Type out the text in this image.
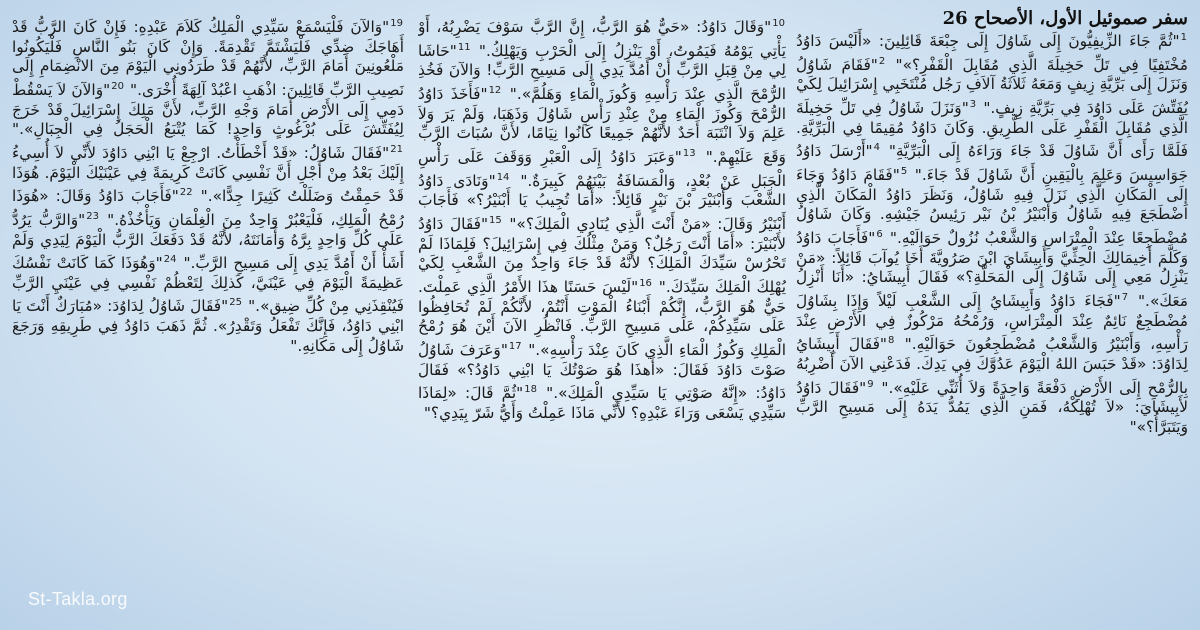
سفر صموئيل الأول، الأصحاح 26
$^1$"ثُمَّ جَاءَ الزِّيفِيُّونَ إِلَى شَاوُلَ إِلَى جِبْعَةَ قَائِلِينَ: «أَلَيْسَ دَاوُدُ مُخْتَفِيًا فِي تَلِّ حَخِيلَةَ الَّذِي مُقَابِلَ الْقَفْرِ؟»" $^2$"فَقَامَ شَاوُلُ وَنَزَلَ إِلَى بَرِّيَّةِ زِيفٍ وَمَعَهُ ثَلاَثَةُ آلاَفِ رَجُل مُنْتَخَبِي إِسْرَائِيلَ لِكَيْ يُفَتِّشَ عَلَى دَاوُدَ فِي بَرِّيَّةِ زِيفٍ." $^3$"وَنَزَلَ شَاوُلُ فِي تَلِّ حَخِيلَةَ الَّذِي مُقَابِلَ الْقَفْرِ عَلَى الطَّرِيقِ. وَكَانَ دَاوُدُ مُقِيمًا فِي الْبَرِّيَّةِ. فَلَمَّا رَأَى أَنَّ شَاوُلَ قَدْ جَاءَ وَرَاءَهُ إِلَى الْبَرِّيَّةِ" $^4$"أَرْسَلَ دَاوُدُ جَوَاسِيسَ وَعَلِمَ بِالْيَقِينِ أَنَّ شَاوُلَ قَدْ جَاءَ." $^5$"فَقَامَ دَاوُدُ وَجَاءَ إِلَى الْمَكَانِ الَّذِي نَزَلَ فِيهِ شَاوُلُ، وَنَظَرَ دَاوُدُ الْمَكَانَ الَّذِي اضْطَجَعَ فِيهِ شَاوُلُ وَأَبْنَيْرُ بْنُ نَيْر رَئِيسُ جَيْشِهِ. وَكَانَ شَاوُلُ مُضْطَجِعًا عِنْدَ الْمِتْرَاسِ وَالشَّعْبُ نُزُولٌ حَوَالَيْهِ." $^6$"فَأَجَابَ دَاوُدُ وَكَلَّمَ أَخِيمَالِكَ الْحِثِّيَّ وَأَبِيشَايَ ابْنَ صَرُويَّةَ أَخَا يُوآبَ قَائِلاً: «مَنْ يَنْزِلُ مَعِي إِلَى شَاوُلَ إِلَى الْمَحَلَّةِ؟» فَقَالَ أَبِيشَايُ: «أَنَا أَنْزِلُ مَعَكَ»." $^7$"فَجَاءَ دَاوُدُ وَأَبِيشَايُ إِلَى الشَّعْبِ لَيْلاً وَإِذَا بِشَاوُلَ مُضْطَجِعٌ نَائِمٌ عِنْدَ الْمِتْرَاسِ، وَرُمْحُهُ مَرْكُوزٌ فِي الأَرْضِ عِنْدَ رَأْسِهِ، وَأَبْنَيْرُ وَالشَّعْبُ مُضْطَجِعُونَ حَوَالَيْهِ." $^8$"فَقَالَ أَبِيشَايُ لِدَاوُدَ: «قَدْ حَبَسَ اللهُ الْيَوْمَ عَدُوَّكَ فِي يَدِكَ. فَدَعْنِي الآنَ أَضْرِبُهُ بِالرُّمْحِ إِلَى الأَرْضِ دَفْعَةً وَاحِدَةً وَلاَ أُثَنِّي عَلَيْهِ»." $^9$"فَقَالَ دَاوُدُ لأَبِيشَايَ: «لاَ تُهْلِكْهُ، فَمَنِ الَّذِي يَمُدُّ يَدَهُ إِلَى مَسِيحِ الرَّبِّ وَيَتَبَرَّأُ؟»"
$^{10}$"وَقَالَ دَاوُدُ: «حَيٌّ هُوَ الرَّبُّ، إِنَّ الرَّبَّ سَوْفَ يَضْرِبُهُ، أَوْ يَأْتِي يَوْمُهُ فَيَمُوتُ، أَوْ يَنْزِلُ إِلَى الْحَرْبِ وَيَهْلِكُ." $^{11}$"حَاشَا لِي مِنْ قِبَلِ الرَّبِّ أَنْ أَمُدَّ يَدِي إِلَى مَسِيحِ الرَّبِّ! وَالآنَ فَخُذِ الرُّمْحَ الَّذِي عِنْدَ رَأْسِهِ وَكُوزَ الْمَاءِ وَهَلُمَّ»." $^{12}$"فَأَخَذَ دَاوُدُ الرُّمْحَ وَكُوزَ الْمَاءِ مِنْ عِنْدِ رَأْسِ شَاوُلَ وَذَهَبَا، وَلَمْ يَرَ وَلاَ عَلِمَ وَلاَ انْتَبَهَ أَحَدٌ لأَنَّهُمْ جَمِيعًا كَانُوا نِيَامًا، لأَنَّ سُبَاتَ الرَّبِّ وَقَعَ عَلَيْهِمْ." $^{13}$"وَعَبَرَ دَاوُدُ إِلَى الْعَبْرِ وَوَقَفَ عَلَى رَأْسِ الْجَبَلِ عَنْ بُعْدٍ، وَالْمَسَافَةُ بَيْنَهُمْ كَبِيرَةٌ." $^{14}$"وَنَادَى دَاوُدُ الشَّعْبَ وَأَبْنَيْرَ بْنَ نَيْرٍ قَائِلاً: «أَمَا تُجِيبُ يَا أَبْنَيْرُ؟» فَأَجَابَ أَبْنَيْرُ وَقَالَ: «مَنْ أَنْتَ الَّذِي يُنَادِي الْمَلِكَ؟»" $^{15}$"فَقَالَ دَاوُدُ لأَبْنَيْرَ: «أَمَا أَنْتَ رَجُلٌ؟ وَمَنْ مِثْلُكَ فِي إِسْرَائِيلَ؟ فَلِمَاذَا لَمْ تَحْرُسْ سَيِّدَكَ الْمَلِكَ؟ لأَنَّهُ قَدْ جَاءَ وَاحِدٌ مِنَ الشَّعْبِ لِكَيْ يُهْلِكَ الْمَلِكَ سَيِّدَكَ." $^{16}$"لَيْسَ حَسَنًا هذَا الأَمْرُ الَّذِي عَمِلْتَ. حَيٌّ هُوَ الرَّبُّ، إِنَّكُمْ أَبْنَاءُ الْمَوْتِ أَنْتُمْ، لأَنَّكُمْ لَمْ تُحَافِظُوا عَلَى سَيِّدِكُمْ، عَلَى مَسِيحِ الرَّبِّ. فَانْظُرِ الآنَ أَيْنَ هُوَ رُمْحُ الْمَلِكِ وَكُوزُ الْمَاءِ الَّذِي كَانَ عِنْدَ رَأْسِهِ»." $^{17}$"وَعَرَفَ شَاوُلُ صَوْتَ دَاوُدَ فَقَالَ: «أَهذَا هُوَ صَوْتُكَ يَا ابْنِي دَاوُدُ؟» فَقَالَ دَاوُدُ: «إِنَّهُ صَوْتِي يَا سَيِّدِي الْمَلِكَ»." $^{18}$"ثُمَّ قَالَ: «لِمَاذَا سَيِّدِي يَسْعَى وَرَاءَ عَبْدِهِ؟ لأَنِّي مَاذَا عَمِلْتُ وَأَيُّ شَرّ بِيَدِي؟"
$^{19}$"وَالآنَ فَلْيَسْمَعْ سَيِّدِي الْمَلِكُ كَلاَمَ عَبْدِهِ: فَإِنْ كَانَ الرَّبُّ قَدْ أَهَاجَكَ ضِدِّي فَلْيَشْتَمَّ تَقْدِمَةً. وَإِنْ كَانَ بَنُو النَّاسِ فَلْيَكُونُوا مَلْعُونِينَ أَمَامَ الرَّبِّ، لأَنَّهُمْ قَدْ طَرَدُونِي الْيَوْمَ مِنَ الانْضِمَامِ إِلَى نَصِيبِ الرَّبِّ قَائِلِينَ: اذْهَبِ اعْبُدْ آلِهَةً أُخْرَى." $^{20}$"وَالآنَ لاَ يَسْقُطْ دَمِي إِلَى الأَرْضِ أَمَامَ وَجْهِ الرَّبِّ، لأَنَّ مَلِكَ إِسْرَائِيلَ قَدْ خَرَجَ لِيُفَتِّشَ عَلَى بُرْغُوثٍ وَاحِدٍ! كَمَا يُتْبَعُ الْحَجَلُ فِي الْجِبَالِ»." $^{21}$"فَقَالَ شَاوُلُ: «قَدْ أَخْطَأْتُ. ارْجِعْ يَا ابْنِي دَاوُدَ لأَنِّي لاَ أُسِيءُ إِلَيْكَ بَعْدُ مِنْ أَجْلِ أَنَّ نَفْسِي كَانَتْ كَرِيمَةً فِي عَيْنَيْكَ الْيَوْمَ. هُوَذَا قَدْ حَمِقْتُ وَضَلَلْتُ كَثِيرًا جِدًّا»." $^{22}$"فَأَجَابَ دَاوُدُ وَقَالَ: «هُوَذَا رُمْحُ الْمَلِكِ، فَلْيَعْبُرْ وَاحِدٌ مِنَ الْغِلْمَانِ وَيَأْخُذْهُ." $^{23}$"وَالرَّبُّ يَرُدُّ عَلَى كُلِّ وَاحِدٍ بِرَّهُ وَأَمَانَتَهُ، لأَنَّهُ قَدْ دَفَعَكَ الرَّبُّ الْيَوْمَ لِيَدِي وَلَمْ أَشَأْ أَنْ أَمُدَّ يَدِي إِلَى مَسِيحِ الرَّبِّ." $^{24}$"وَهُوَذَا كَمَا كَانَتْ نَفْسُكَ عَظِيمَةً الْيَوْمَ فِي عَيْنَيَّ، كَذلِكَ لِتَعْظُمْ نَفْسِي فِي عَيْنَيِ الرَّبِّ فَيُنْقِذَنِي مِنْ كُلِّ ضِيق»." $^{25}$"فَقَالَ شَاوُلُ لِدَاوُدَ: «مُبَارَكٌ أَنْتَ يَا ابْنِي دَاوُدُ، فَإِنَّكَ تَفْعَلُ وَتَقْدِرُ». ثُمَّ ذَهَبَ دَاوُدُ فِي طَرِيقِهِ وَرَجَعَ شَاوُلُ إِلَى مَكَانِهِ."
St-Takla.org
